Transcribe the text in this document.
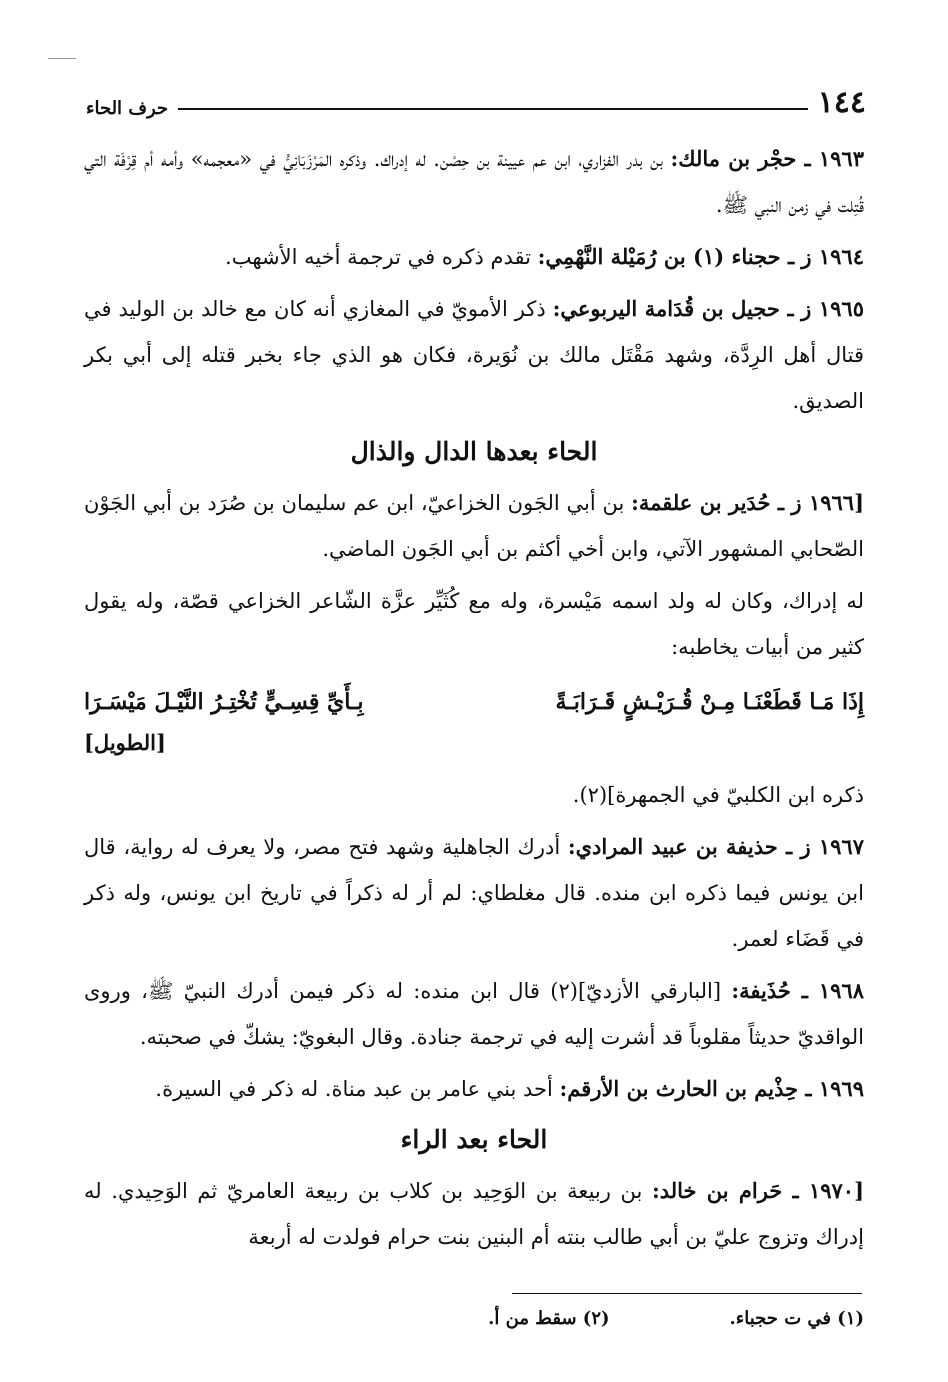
١٤٤
حرف الحاء

١٩٦٣ ـ حجْر بن مالك: بن بدر الفزاري، ابن عم عيينة بن حِصْن. له إدراك. وذكره المَرْزَبَانِيُّ في «معجمه» وأمه أم قِرْفَة التي قُتِلت في زمن النبي ﷺ.

١٩٦٤ ز ـ حجناء (١) بن رُمَيْلة النَّهْمِي: تقدم ذكره في ترجمة أخيه الأشهب.

١٩٦٥ ز ـ حجيل بن قُدَامة اليربوعي: ذكر الأمويّ في المغازي أنه كان مع خالد بن الوليد في قتال أهل الرِدَّة، وشهد مَقْتَل مالك بن نُوَيرة، فكان هو الذي جاء بخبر قتله إلى أبي بكر الصديق.

الحاء بعدها الدال والذال

[١٩٦٦ ز ـ حُدَير بن علقمة: بن أبي الجَون الخزاعيّ، ابن عم سليمان بن صُرَد بن أبي الجَوْن الصّحابي المشهور الآتي، وابن أخي أكثم بن أبي الجَون الماضي.

له إدراك، وكان له ولد اسمه مَيْسرة، وله مع كُثَيِّر عزَّة الشّاعر الخزاعي قصّة، وله يقول كثير من أبيات يخاطبه:

إِذَا مَـا قَطَعْنَـا مِـنْ قُـرَيْـشٍ قَـرَابَـةً
بِـأَيِّ قِسِـيٍّ تُخْتِـرُ النَّيْـلَ مَيْسَـرَا
[الطويل]

ذكره ابن الكلبيّ في الجمهرة](٢).

١٩٦٧ ز ـ حذيفة بن عبيد المرادي: أدرك الجاهلية وشهد فتح مصر، ولا يعرف له رواية، قال ابن يونس فيما ذكره ابن منده. قال مغلطاي: لم أر له ذكراً في تاريخ ابن يونس، وله ذكر في قَضَاء لعمر.

١٩٦٨ ـ حُذَيفة: [البارقي الأزديّ](٢) قال ابن منده: له ذكر فيمن أدرك النبيّ ﷺ، وروى الواقديّ حديثاً مقلوباً قد أشرت إليه في ترجمة جنادة. وقال البغويّ: يشكّ في صحبته.

١٩٦٩ ـ حِذْيم بن الحارث بن الأرقم: أحد بني عامر بن عبد مناة. له ذكر في السيرة.

الحاء بعد الراء

[١٩٧٠ ـ حَرام بن خالد: بن ربيعة بن الوَحِيد بن كلاب بن ربيعة العامريّ ثم الوَحِيدي. له إدراك وتزوج عليّ بن أبي طالب بنته أم البنين بنت حرام فولدت له أربعة

(١) في ت حجباء.
(٢) سقط من أ.
